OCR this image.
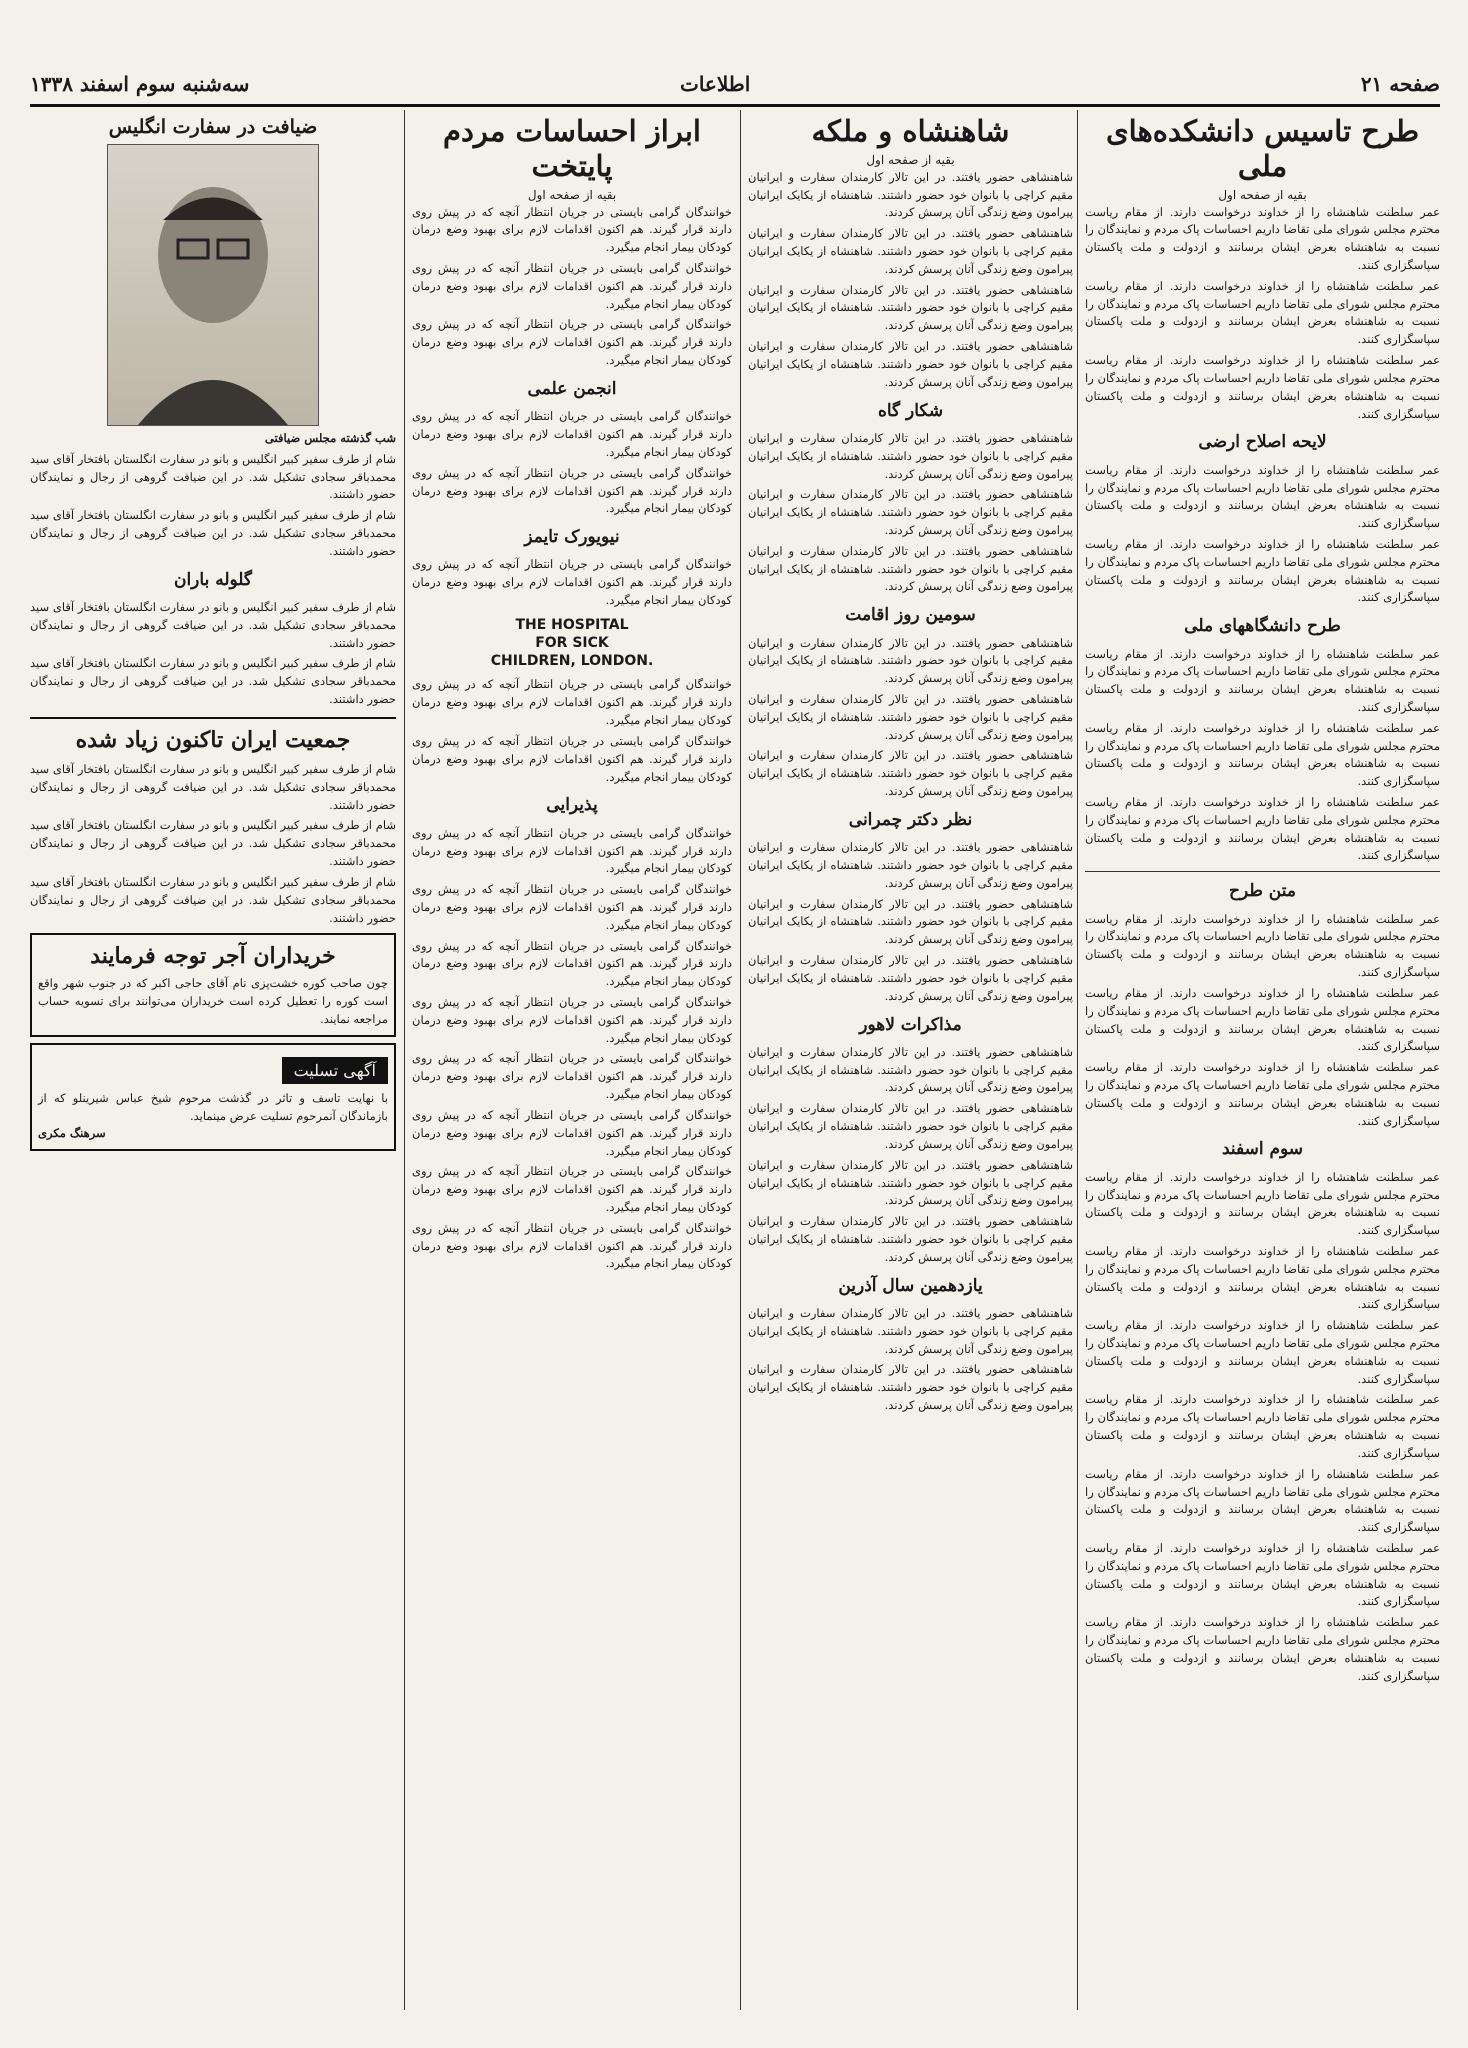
صفحه ۲۱
اطلاعات
سه‌شنبه سوم اسفند ۱۳۳۸
طرح تاسیس دانشکده‌های ملی
بقیه از صفحه اول

عمر سلطنت شاهنشاه را از خداوند درخواست دارند. از مقام ریاست محترم مجلس شورای ملی تقاضا داریم احساسات پاک مردم و نمایندگان را نسبت به شاهنشاه بعرض ایشان برسانند و ازدولت و ملت پاکستان سپاسگزاری کنند.

عمر سلطنت شاهنشاه را از خداوند درخواست دارند. از مقام ریاست محترم مجلس شورای ملی تقاضا داریم احساسات پاک مردم و نمایندگان را نسبت به شاهنشاه بعرض ایشان برسانند و ازدولت و ملت پاکستان سپاسگزاری کنند.

عمر سلطنت شاهنشاه را از خداوند درخواست دارند. از مقام ریاست محترم مجلس شورای ملی تقاضا داریم احساسات پاک مردم و نمایندگان را نسبت به شاهنشاه بعرض ایشان برسانند و ازدولت و ملت پاکستان سپاسگزاری کنند.

لایحه اصلاح ارضی

عمر سلطنت شاهنشاه را از خداوند درخواست دارند. از مقام ریاست محترم مجلس شورای ملی تقاضا داریم احساسات پاک مردم و نمایندگان را نسبت به شاهنشاه بعرض ایشان برسانند و ازدولت و ملت پاکستان سپاسگزاری کنند.

عمر سلطنت شاهنشاه را از خداوند درخواست دارند. از مقام ریاست محترم مجلس شورای ملی تقاضا داریم احساسات پاک مردم و نمایندگان را نسبت به شاهنشاه بعرض ایشان برسانند و ازدولت و ملت پاکستان سپاسگزاری کنند.

طرح دانشگاههای ملی

عمر سلطنت شاهنشاه را از خداوند درخواست دارند. از مقام ریاست محترم مجلس شورای ملی تقاضا داریم احساسات پاک مردم و نمایندگان را نسبت به شاهنشاه بعرض ایشان برسانند و ازدولت و ملت پاکستان سپاسگزاری کنند.

عمر سلطنت شاهنشاه را از خداوند درخواست دارند. از مقام ریاست محترم مجلس شورای ملی تقاضا داریم احساسات پاک مردم و نمایندگان را نسبت به شاهنشاه بعرض ایشان برسانند و ازدولت و ملت پاکستان سپاسگزاری کنند.

عمر سلطنت شاهنشاه را از خداوند درخواست دارند. از مقام ریاست محترم مجلس شورای ملی تقاضا داریم احساسات پاک مردم و نمایندگان را نسبت به شاهنشاه بعرض ایشان برسانند و ازدولت و ملت پاکستان سپاسگزاری کنند.

متن طرح

عمر سلطنت شاهنشاه را از خداوند درخواست دارند. از مقام ریاست محترم مجلس شورای ملی تقاضا داریم احساسات پاک مردم و نمایندگان را نسبت به شاهنشاه بعرض ایشان برسانند و ازدولت و ملت پاکستان سپاسگزاری کنند.

عمر سلطنت شاهنشاه را از خداوند درخواست دارند. از مقام ریاست محترم مجلس شورای ملی تقاضا داریم احساسات پاک مردم و نمایندگان را نسبت به شاهنشاه بعرض ایشان برسانند و ازدولت و ملت پاکستان سپاسگزاری کنند.

عمر سلطنت شاهنشاه را از خداوند درخواست دارند. از مقام ریاست محترم مجلس شورای ملی تقاضا داریم احساسات پاک مردم و نمایندگان را نسبت به شاهنشاه بعرض ایشان برسانند و ازدولت و ملت پاکستان سپاسگزاری کنند.

سوم اسفند

عمر سلطنت شاهنشاه را از خداوند درخواست دارند. از مقام ریاست محترم مجلس شورای ملی تقاضا داریم احساسات پاک مردم و نمایندگان را نسبت به شاهنشاه بعرض ایشان برسانند و ازدولت و ملت پاکستان سپاسگزاری کنند.

عمر سلطنت شاهنشاه را از خداوند درخواست دارند. از مقام ریاست محترم مجلس شورای ملی تقاضا داریم احساسات پاک مردم و نمایندگان را نسبت به شاهنشاه بعرض ایشان برسانند و ازدولت و ملت پاکستان سپاسگزاری کنند.

عمر سلطنت شاهنشاه را از خداوند درخواست دارند. از مقام ریاست محترم مجلس شورای ملی تقاضا داریم احساسات پاک مردم و نمایندگان را نسبت به شاهنشاه بعرض ایشان برسانند و ازدولت و ملت پاکستان سپاسگزاری کنند.

عمر سلطنت شاهنشاه را از خداوند درخواست دارند. از مقام ریاست محترم مجلس شورای ملی تقاضا داریم احساسات پاک مردم و نمایندگان را نسبت به شاهنشاه بعرض ایشان برسانند و ازدولت و ملت پاکستان سپاسگزاری کنند.

عمر سلطنت شاهنشاه را از خداوند درخواست دارند. از مقام ریاست محترم مجلس شورای ملی تقاضا داریم احساسات پاک مردم و نمایندگان را نسبت به شاهنشاه بعرض ایشان برسانند و ازدولت و ملت پاکستان سپاسگزاری کنند.

عمر سلطنت شاهنشاه را از خداوند درخواست دارند. از مقام ریاست محترم مجلس شورای ملی تقاضا داریم احساسات پاک مردم و نمایندگان را نسبت به شاهنشاه بعرض ایشان برسانند و ازدولت و ملت پاکستان سپاسگزاری کنند.

عمر سلطنت شاهنشاه را از خداوند درخواست دارند. از مقام ریاست محترم مجلس شورای ملی تقاضا داریم احساسات پاک مردم و نمایندگان را نسبت به شاهنشاه بعرض ایشان برسانند و ازدولت و ملت پاکستان سپاسگزاری کنند.

شاهنشاه و ملکه
بقیه از صفحه اول

شاهنشاهی حضور یافتند. در این تالار کارمندان سفارت و ایرانیان مقیم کراچی با بانوان خود حضور داشتند. شاهنشاه از یکایک ایرانیان پیرامون وضع زندگی آنان پرسش کردند.

شاهنشاهی حضور یافتند. در این تالار کارمندان سفارت و ایرانیان مقیم کراچی با بانوان خود حضور داشتند. شاهنشاه از یکایک ایرانیان پیرامون وضع زندگی آنان پرسش کردند.

شاهنشاهی حضور یافتند. در این تالار کارمندان سفارت و ایرانیان مقیم کراچی با بانوان خود حضور داشتند. شاهنشاه از یکایک ایرانیان پیرامون وضع زندگی آنان پرسش کردند.

شاهنشاهی حضور یافتند. در این تالار کارمندان سفارت و ایرانیان مقیم کراچی با بانوان خود حضور داشتند. شاهنشاه از یکایک ایرانیان پیرامون وضع زندگی آنان پرسش کردند.

شکار گاه

شاهنشاهی حضور یافتند. در این تالار کارمندان سفارت و ایرانیان مقیم کراچی با بانوان خود حضور داشتند. شاهنشاه از یکایک ایرانیان پیرامون وضع زندگی آنان پرسش کردند.

شاهنشاهی حضور یافتند. در این تالار کارمندان سفارت و ایرانیان مقیم کراچی با بانوان خود حضور داشتند. شاهنشاه از یکایک ایرانیان پیرامون وضع زندگی آنان پرسش کردند.

شاهنشاهی حضور یافتند. در این تالار کارمندان سفارت و ایرانیان مقیم کراچی با بانوان خود حضور داشتند. شاهنشاه از یکایک ایرانیان پیرامون وضع زندگی آنان پرسش کردند.

سومین روز اقامت

شاهنشاهی حضور یافتند. در این تالار کارمندان سفارت و ایرانیان مقیم کراچی با بانوان خود حضور داشتند. شاهنشاه از یکایک ایرانیان پیرامون وضع زندگی آنان پرسش کردند.

شاهنشاهی حضور یافتند. در این تالار کارمندان سفارت و ایرانیان مقیم کراچی با بانوان خود حضور داشتند. شاهنشاه از یکایک ایرانیان پیرامون وضع زندگی آنان پرسش کردند.

شاهنشاهی حضور یافتند. در این تالار کارمندان سفارت و ایرانیان مقیم کراچی با بانوان خود حضور داشتند. شاهنشاه از یکایک ایرانیان پیرامون وضع زندگی آنان پرسش کردند.

نظر دکتر چمرانی

شاهنشاهی حضور یافتند. در این تالار کارمندان سفارت و ایرانیان مقیم کراچی با بانوان خود حضور داشتند. شاهنشاه از یکایک ایرانیان پیرامون وضع زندگی آنان پرسش کردند.

شاهنشاهی حضور یافتند. در این تالار کارمندان سفارت و ایرانیان مقیم کراچی با بانوان خود حضور داشتند. شاهنشاه از یکایک ایرانیان پیرامون وضع زندگی آنان پرسش کردند.

شاهنشاهی حضور یافتند. در این تالار کارمندان سفارت و ایرانیان مقیم کراچی با بانوان خود حضور داشتند. شاهنشاه از یکایک ایرانیان پیرامون وضع زندگی آنان پرسش کردند.

مذاکرات لاهور

شاهنشاهی حضور یافتند. در این تالار کارمندان سفارت و ایرانیان مقیم کراچی با بانوان خود حضور داشتند. شاهنشاه از یکایک ایرانیان پیرامون وضع زندگی آنان پرسش کردند.

شاهنشاهی حضور یافتند. در این تالار کارمندان سفارت و ایرانیان مقیم کراچی با بانوان خود حضور داشتند. شاهنشاه از یکایک ایرانیان پیرامون وضع زندگی آنان پرسش کردند.

شاهنشاهی حضور یافتند. در این تالار کارمندان سفارت و ایرانیان مقیم کراچی با بانوان خود حضور داشتند. شاهنشاه از یکایک ایرانیان پیرامون وضع زندگی آنان پرسش کردند.

شاهنشاهی حضور یافتند. در این تالار کارمندان سفارت و ایرانیان مقیم کراچی با بانوان خود حضور داشتند. شاهنشاه از یکایک ایرانیان پیرامون وضع زندگی آنان پرسش کردند.

یازدهمین سال آذرین

شاهنشاهی حضور یافتند. در این تالار کارمندان سفارت و ایرانیان مقیم کراچی با بانوان خود حضور داشتند. شاهنشاه از یکایک ایرانیان پیرامون وضع زندگی آنان پرسش کردند.

شاهنشاهی حضور یافتند. در این تالار کارمندان سفارت و ایرانیان مقیم کراچی با بانوان خود حضور داشتند. شاهنشاه از یکایک ایرانیان پیرامون وضع زندگی آنان پرسش کردند.

ابراز احساسات مردم پایتخت
بقیه از صفحه اول

خوانندگان گرامی بایستی در جریان انتظار آنچه که در پیش روی دارند قرار گیرند. هم اکنون اقدامات لازم برای بهبود وضع درمان کودکان بیمار انجام میگیرد.

خوانندگان گرامی بایستی در جریان انتظار آنچه که در پیش روی دارند قرار گیرند. هم اکنون اقدامات لازم برای بهبود وضع درمان کودکان بیمار انجام میگیرد.

خوانندگان گرامی بایستی در جریان انتظار آنچه که در پیش روی دارند قرار گیرند. هم اکنون اقدامات لازم برای بهبود وضع درمان کودکان بیمار انجام میگیرد.

انجمن علمی

خوانندگان گرامی بایستی در جریان انتظار آنچه که در پیش روی دارند قرار گیرند. هم اکنون اقدامات لازم برای بهبود وضع درمان کودکان بیمار انجام میگیرد.

خوانندگان گرامی بایستی در جریان انتظار آنچه که در پیش روی دارند قرار گیرند. هم اکنون اقدامات لازم برای بهبود وضع درمان کودکان بیمار انجام میگیرد.

نیویورک تایمز

خوانندگان گرامی بایستی در جریان انتظار آنچه که در پیش روی دارند قرار گیرند. هم اکنون اقدامات لازم برای بهبود وضع درمان کودکان بیمار انجام میگیرد.

THE HOSPITAL
FOR SICK
CHILDREN, LONDON.

خوانندگان گرامی بایستی در جریان انتظار آنچه که در پیش روی دارند قرار گیرند. هم اکنون اقدامات لازم برای بهبود وضع درمان کودکان بیمار انجام میگیرد.

خوانندگان گرامی بایستی در جریان انتظار آنچه که در پیش روی دارند قرار گیرند. هم اکنون اقدامات لازم برای بهبود وضع درمان کودکان بیمار انجام میگیرد.

پذیرایی

خوانندگان گرامی بایستی در جریان انتظار آنچه که در پیش روی دارند قرار گیرند. هم اکنون اقدامات لازم برای بهبود وضع درمان کودکان بیمار انجام میگیرد.

خوانندگان گرامی بایستی در جریان انتظار آنچه که در پیش روی دارند قرار گیرند. هم اکنون اقدامات لازم برای بهبود وضع درمان کودکان بیمار انجام میگیرد.

خوانندگان گرامی بایستی در جریان انتظار آنچه که در پیش روی دارند قرار گیرند. هم اکنون اقدامات لازم برای بهبود وضع درمان کودکان بیمار انجام میگیرد.

خوانندگان گرامی بایستی در جریان انتظار آنچه که در پیش روی دارند قرار گیرند. هم اکنون اقدامات لازم برای بهبود وضع درمان کودکان بیمار انجام میگیرد.

خوانندگان گرامی بایستی در جریان انتظار آنچه که در پیش روی دارند قرار گیرند. هم اکنون اقدامات لازم برای بهبود وضع درمان کودکان بیمار انجام میگیرد.

خوانندگان گرامی بایستی در جریان انتظار آنچه که در پیش روی دارند قرار گیرند. هم اکنون اقدامات لازم برای بهبود وضع درمان کودکان بیمار انجام میگیرد.

خوانندگان گرامی بایستی در جریان انتظار آنچه که در پیش روی دارند قرار گیرند. هم اکنون اقدامات لازم برای بهبود وضع درمان کودکان بیمار انجام میگیرد.

خوانندگان گرامی بایستی در جریان انتظار آنچه که در پیش روی دارند قرار گیرند. هم اکنون اقدامات لازم برای بهبود وضع درمان کودکان بیمار انجام میگیرد.

ضیافت در سفارت انگلیس

شب گذشته مجلس ضیافتی

شام از طرف سفیر کبیر انگلیس و بانو در سفارت انگلستان بافتخار آقای سید محمدباقر سجادی تشکیل شد. در این ضیافت گروهی از رجال و نمایندگان حضور داشتند.

شام از طرف سفیر کبیر انگلیس و بانو در سفارت انگلستان بافتخار آقای سید محمدباقر سجادی تشکیل شد. در این ضیافت گروهی از رجال و نمایندگان حضور داشتند.

گلوله باران

شام از طرف سفیر کبیر انگلیس و بانو در سفارت انگلستان بافتخار آقای سید محمدباقر سجادی تشکیل شد. در این ضیافت گروهی از رجال و نمایندگان حضور داشتند.

شام از طرف سفیر کبیر انگلیس و بانو در سفارت انگلستان بافتخار آقای سید محمدباقر سجادی تشکیل شد. در این ضیافت گروهی از رجال و نمایندگان حضور داشتند.

جمعیت ایران تاکنون زیاد شده

شام از طرف سفیر کبیر انگلیس و بانو در سفارت انگلستان بافتخار آقای سید محمدباقر سجادی تشکیل شد. در این ضیافت گروهی از رجال و نمایندگان حضور داشتند.

شام از طرف سفیر کبیر انگلیس و بانو در سفارت انگلستان بافتخار آقای سید محمدباقر سجادی تشکیل شد. در این ضیافت گروهی از رجال و نمایندگان حضور داشتند.

شام از طرف سفیر کبیر انگلیس و بانو در سفارت انگلستان بافتخار آقای سید محمدباقر سجادی تشکیل شد. در این ضیافت گروهی از رجال و نمایندگان حضور داشتند.

خریداران آجر توجه فرمایند
چون صاحب کوره خشت‌پزی نام آقای حاجی اکبر که در جنوب شهر واقع است کوره را تعطیل کرده است خریداران می‌توانند برای تسویه حساب مراجعه نمایند.
آگهی تسلیت
با نهایت تاسف و تاثر در گذشت مرحوم شیخ عباس شیرینلو که از بازماندگان آنمرحوم تسلیت عرض مینماید.
سرهنگ مکری
